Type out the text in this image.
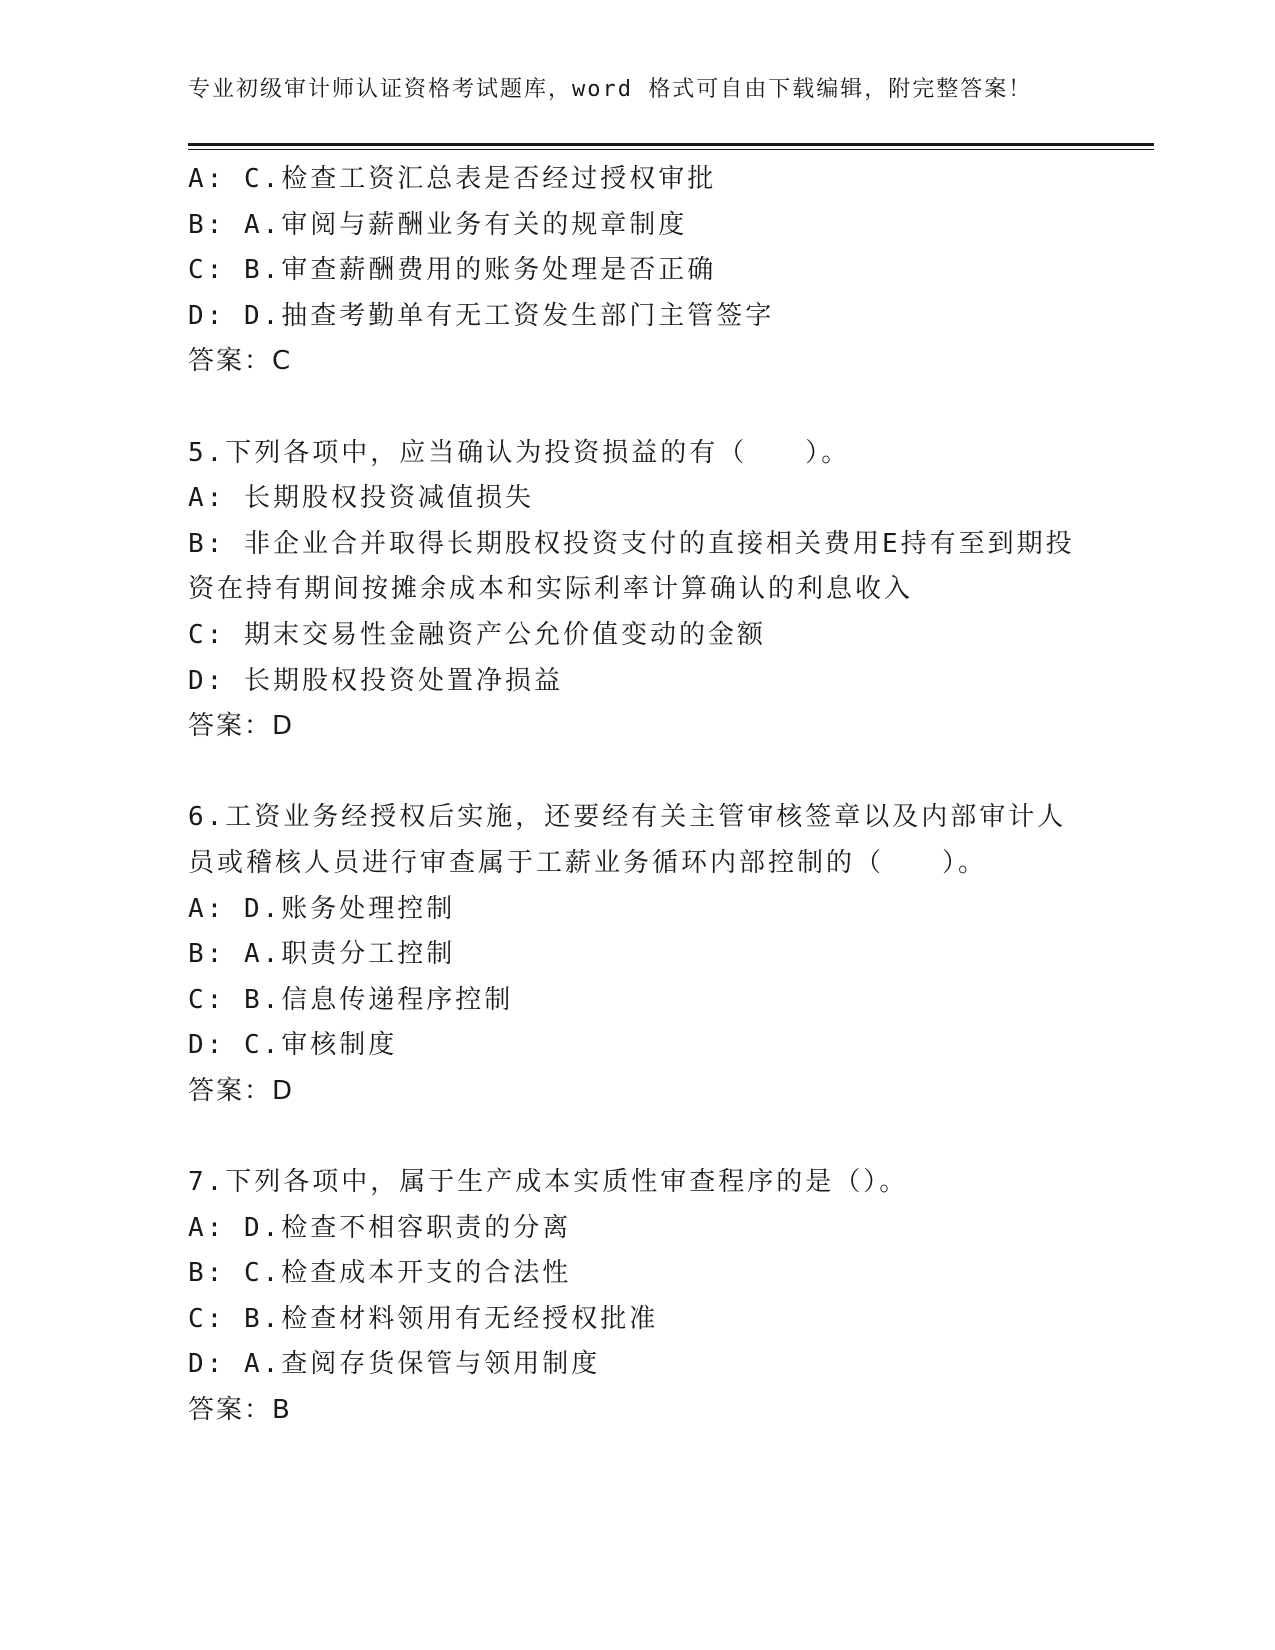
专业初级审计师认证资格考试题库，word 格式可自由下载编辑，附完整答案！
A: C.检查工资汇总表是否经过授权审批
B: A.审阅与薪酬业务有关的规章制度
C: B.审查薪酬费用的账务处理是否正确
D: D.抽查考勤单有无工资发生部门主管签字
答案：C
5.下列各项中，应当确认为投资损益的有（　　）。
A: 长期股权投资减值损失
B: 非企业合并取得长期股权投资支付的直接相关费用E持有至到期投
资在持有期间按摊余成本和实际利率计算确认的利息收入
C: 期末交易性金融资产公允价值变动的金额
D: 长期股权投资处置净损益
答案：D
6.工资业务经授权后实施，还要经有关主管审核签章以及内部审计人
员或稽核人员进行审查属于工薪业务循环内部控制的（　　）。
A: D.账务处理控制
B: A.职责分工控制
C: B.信息传递程序控制
D: C.审核制度
答案：D
7.下列各项中，属于生产成本实质性审查程序的是（）。
A: D.检查不相容职责的分离
B: C.检查成本开支的合法性
C: B.检查材料领用有无经授权批准
D: A.查阅存货保管与领用制度
答案：B
